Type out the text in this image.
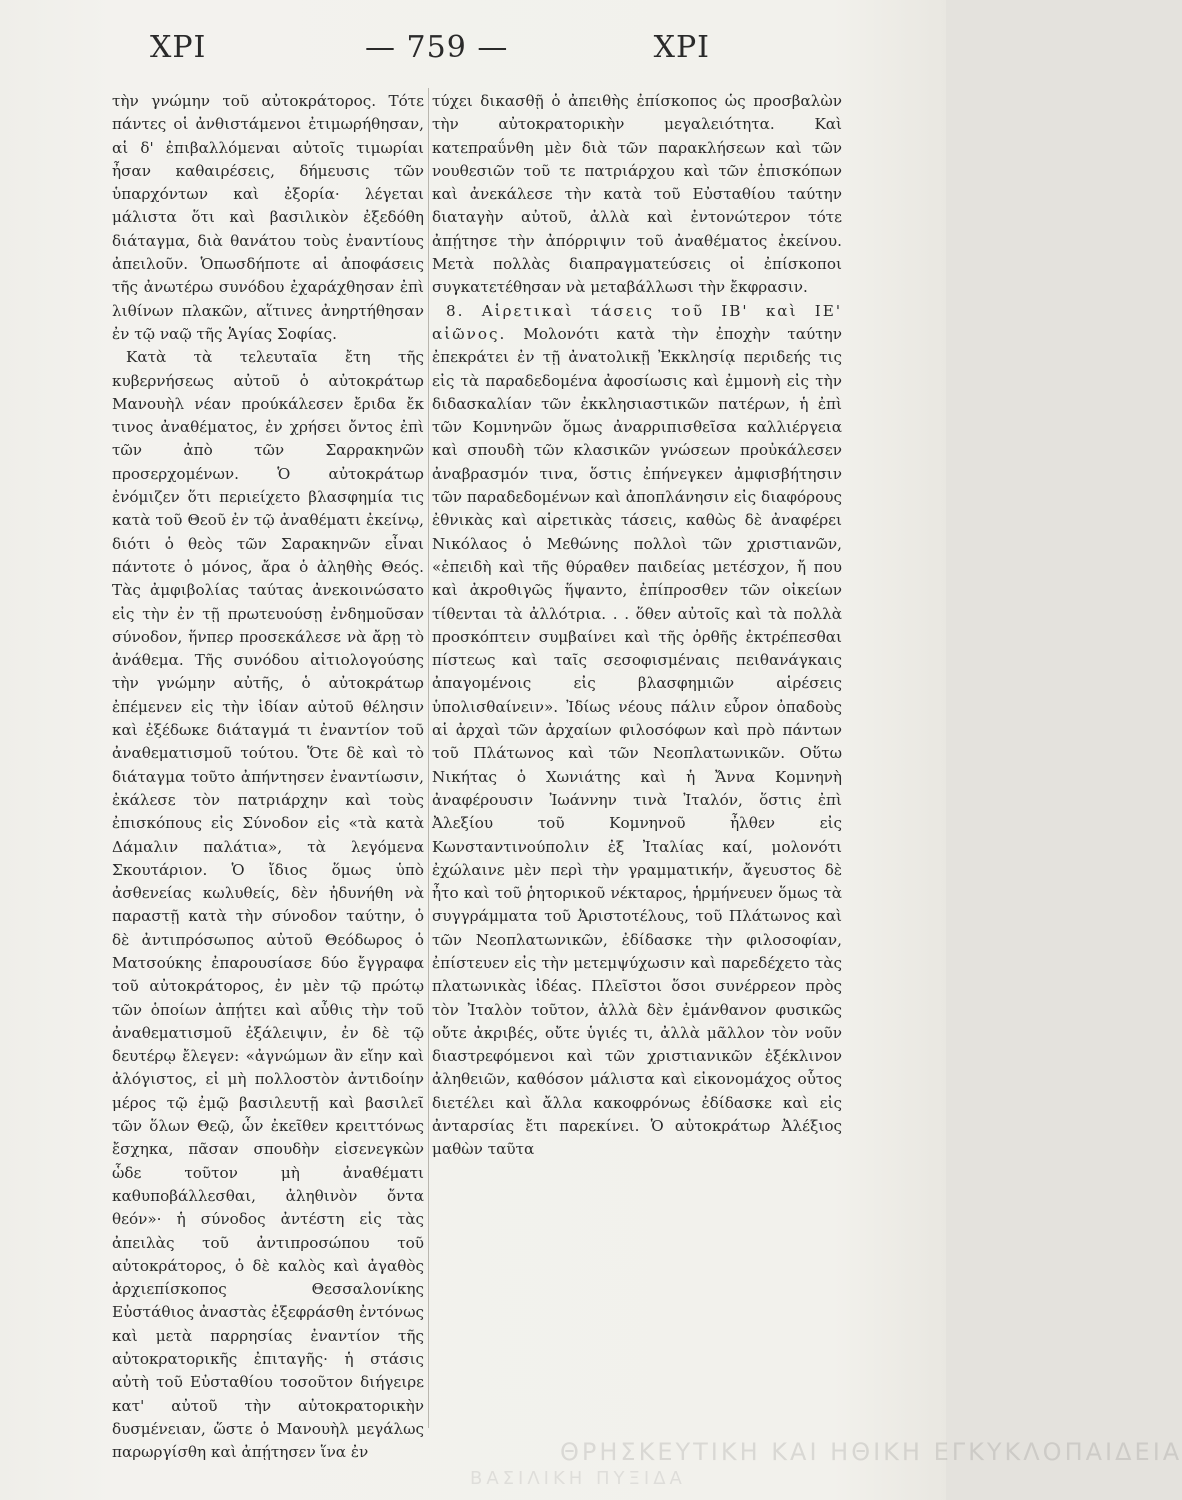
ΧΡΙ	— 759 —	ΧΡΙ

τὴν γνώμην τοῦ αὐτοκράτορος. Τότε πάντες οἱ ἀνθιστάμενοι ἐτιμωρήθησαν, αἱ δ' ἐπιβαλλόμεναι αὐτοῖς τιμωρίαι ἦσαν καθαιρέσεις, δήμευσις τῶν ὑπαρχόντων καὶ ἐξορία· λέγεται μάλιστα ὅτι καὶ βασιλικὸν ἐξεδόθη διάταγμα, διὰ θανάτου τοὺς ἐναντίους ἀπειλοῦν. Ὁπωσδήποτε αἱ ἀποφάσεις τῆς ἀνωτέρω συνόδου ἐχαράχθησαν ἐπὶ λιθίνων πλακῶν, αἵτινες ἀνηρτήθησαν ἐν τῷ ναῷ τῆς Ἁγίας Σοφίας.

Κατὰ τὰ τελευταῖα ἔτη τῆς κυβερνήσεως αὐτοῦ ὁ αὐτοκράτωρ Μανουὴλ νέαν προύκάλεσεν ἔριδα ἔκ τινος ἀναθέματος, ἐν χρήσει ὄντος ἐπὶ τῶν ἀπὸ τῶν Σαρρακηνῶν προσερχομένων. Ὁ αὐτοκράτωρ ἐνόμιζεν ὅτι περιείχετο βλασφημία τις κατὰ τοῦ Θεοῦ ἐν τῷ ἀναθέματι ἐκείνῳ, διότι ὁ θεὸς τῶν Σαρακηνῶν εἶναι πάντοτε ὁ μόνος, ἄρα ὁ ἀληθὴς Θεός. Τὰς ἀμφιβολίας ταύτας ἀνεκοινώσατο εἰς τὴν ἐν τῇ πρωτευούσῃ ἐνδημοῦσαν σύνοδον, ἥνπερ προσεκάλεσε νὰ ἄρῃ τὸ ἀνάθεμα. Τῆς συνόδου αἰτιολογούσης τὴν γνώμην αὐτῆς, ὁ αὐτοκράτωρ ἐπέμενεν εἰς τὴν ἰδίαν αὐτοῦ θέλησιν καὶ ἐξέδωκε διάταγμά τι ἐναντίον τοῦ ἀναθεματισμοῦ τούτου. Ὅτε δὲ καὶ τὸ διάταγμα τοῦτο ἀπήντησεν ἐναντίωσιν, ἐκάλεσε τὸν πατριάρχην καὶ τοὺς ἐπισκόπους εἰς Σύνοδον εἰς «τὰ κατὰ Δάμαλιν παλάτια», τὰ λεγόμενα Σκουτάριον. Ὁ ἴδιος ὅμως ὑπὸ ἀσθενείας κωλυθείς, δὲν ἠδυνήθη νὰ παραστῇ κατὰ τὴν σύνοδον ταύτην, ὁ δὲ ἀντιπρόσωπος αὐτοῦ Θεόδωρος ὁ Ματσούκης ἐπαρουσίασε δύο ἔγγραφα τοῦ αὐτοκράτορος, ἐν μὲν τῷ πρώτῳ τῶν ὁποίων ἀπῄτει καὶ αὖθις τὴν τοῦ ἀναθεματισμοῦ ἐξάλειψιν, ἐν δὲ τῷ δευτέρῳ ἔλεγεν: «ἀγνώμων ἂν εἴην καὶ ἀλόγιστος, εἰ μὴ πολλοστὸν ἀντιδοίην μέρος τῷ ἐμῷ βασιλευτῇ καὶ βασιλεῖ τῶν ὅλων Θεῷ, ὧν ἐκεῖθεν κρειττόνως ἔσχηκα, πᾶσαν σπουδὴν εἰσενεγκὼν ὧδε τοῦτον μὴ ἀναθέματι καθυποβάλλεσθαι, ἀληθινὸν ὄντα θεόν»· ἡ σύνοδος ἀντέστη εἰς τὰς ἀπειλὰς τοῦ ἀντιπροσώπου τοῦ αὐτοκράτορος, ὁ δὲ καλὸς καὶ ἀγαθὸς ἀρχιεπίσκοπος Θεσσαλονίκης Εὐστάθιος ἀναστὰς ἐξεφράσθη ἐντόνως καὶ μετὰ παρρησίας ἐναντίον τῆς αὐτοκρατορικῆς ἐπιταγῆς· ἡ στάσις αὐτὴ τοῦ Εὐσταθίου τοσοῦτον διήγειρε κατ' αὐτοῦ τὴν αὐτοκρατορικὴν δυσμένειαν, ὥστε ὁ Μανουὴλ μεγάλως παρωργίσθη καὶ ἀπῄτησεν ἵνα ἐν

τύχει δικασθῇ ὁ ἀπειθὴς ἐπίσκοπος ὡς προσβαλὼν τὴν αὐτοκρατορικὴν μεγαλειότητα. Καὶ κατεπραΰνθη μὲν διὰ τῶν παρακλήσεων καὶ τῶν νουθεσιῶν τοῦ τε πατριάρχου καὶ τῶν ἐπισκόπων καὶ ἀνεκάλεσε τὴν κατὰ τοῦ Εὐσταθίου ταύτην διαταγὴν αὐτοῦ, ἀλλὰ καὶ ἐντονώτερον τότε ἀπῄτησε τὴν ἀπόρριψιν τοῦ ἀναθέματος ἐκείνου. Μετὰ πολλὰς διαπραγματεύσεις οἱ ἐπίσκοποι συγκατετέθησαν νὰ μεταβάλλωσι τὴν ἔκφρασιν.

8. Αἱρετικαὶ τάσεις τοῦ ΙΒ' καὶ ΙΕ' αἰῶνος. Μολονότι κατὰ τὴν ἐποχὴν ταύτην ἐπεκράτει ἐν τῇ ἀνατολικῇ Ἐκκλησίᾳ περιδεής τις εἰς τὰ παραδεδομένα ἀφοσίωσις καὶ ἐμμονὴ εἰς τὴν διδασκαλίαν τῶν ἐκκλησιαστικῶν πατέρων, ἡ ἐπὶ τῶν Κομνηνῶν ὅμως ἀναρριπισθεῖσα καλλιέργεια καὶ σπουδὴ τῶν κλασικῶν γνώσεων προὐκάλεσεν ἀναβρασμόν τινα, ὅστις ἐπήνεγκεν ἀμφισβήτησιν τῶν παραδεδομένων καὶ ἀποπλάνησιν εἰς διαφόρους ἐθνικὰς καὶ αἱρετικὰς τάσεις, καθὼς δὲ ἀναφέρει Νικόλαος ὁ Μεθώνης πολλοὶ τῶν χριστιανῶν, «ἐπειδὴ καὶ τῆς θύραθεν παιδείας μετέσχον, ἤ που καὶ ἀκροθιγῶς ἥψαντο, ἐπίπροσθεν τῶν οἰκείων τίθενται τὰ ἀλλότρια. . . ὅθεν αὐτοῖς καὶ τὰ πολλὰ προσκόπτειν συμβαίνει καὶ τῆς ὀρθῆς ἐκτρέπεσθαι πίστεως καὶ ταῖς σεσοφισμέναις πειθανάγκαις ἀπαγομένοις εἰς βλασφημιῶν αἱρέσεις ὑπολισθαίνειν». Ἰδίως νέους πάλιν εὗρον ὀπαδοὺς αἱ ἀρχαὶ τῶν ἀρχαίων φιλοσόφων καὶ πρὸ πάντων τοῦ Πλάτωνος καὶ τῶν Νεοπλατωνικῶν. Οὕτω Νικήτας ὁ Χωνιάτης καὶ ἡ Ἄννα Κομνηνὴ ἀναφέρουσιν Ἰωάννην τινὰ Ἰταλόν, ὅστις ἐπὶ Ἀλεξίου τοῦ Κομνηνοῦ ἦλθεν εἰς Κωνσταντινούπολιν ἐξ Ἰταλίας καί, μολονότι ἐχώλαινε μὲν περὶ τὴν γραμματικήν, ἄγευστος δὲ ἦτο καὶ τοῦ ῥητορικοῦ νέκταρος, ἡρμήνευεν ὅμως τὰ συγγράμματα τοῦ Ἀριστοτέλους, τοῦ Πλάτωνος καὶ τῶν Νεοπλατωνικῶν, ἐδίδασκε τὴν φιλοσοφίαν, ἐπίστευεν εἰς τὴν μετεμψύχωσιν καὶ παρεδέχετο τὰς πλατωνικὰς ἰδέας. Πλεῖστοι ὅσοι συνέρρεον πρὸς τὸν Ἰταλὸν τοῦτον, ἀλλὰ δὲν ἐμάνθανον φυσικῶς οὔτε ἀκριβές, οὔτε ὑγιές τι, ἀλλὰ μᾶλλον τὸν νοῦν διαστρεφόμενοι καὶ τῶν χριστιανικῶν ἐξέκλινον ἀληθειῶν, καθόσον μάλιστα καὶ εἰκονομάχος οὗτος διετέλει καὶ ἄλλα κακοφρόνως ἐδίδασκε καὶ εἰς ἀνταρσίας ἔτι παρεκίνει. Ὁ αὐτοκράτωρ Ἀλέξιος μαθὼν ταῦτα

ΘΡΗΣΚΕΥΤΙΚΗ ΚΑΙ ΗΘΙΚΗ ΕΓΚΥΚΛΟΠΑΙΔΕΙΑ
ΒΑΣΙΛΙΚΗ ΠΥΞΙΔΑ
